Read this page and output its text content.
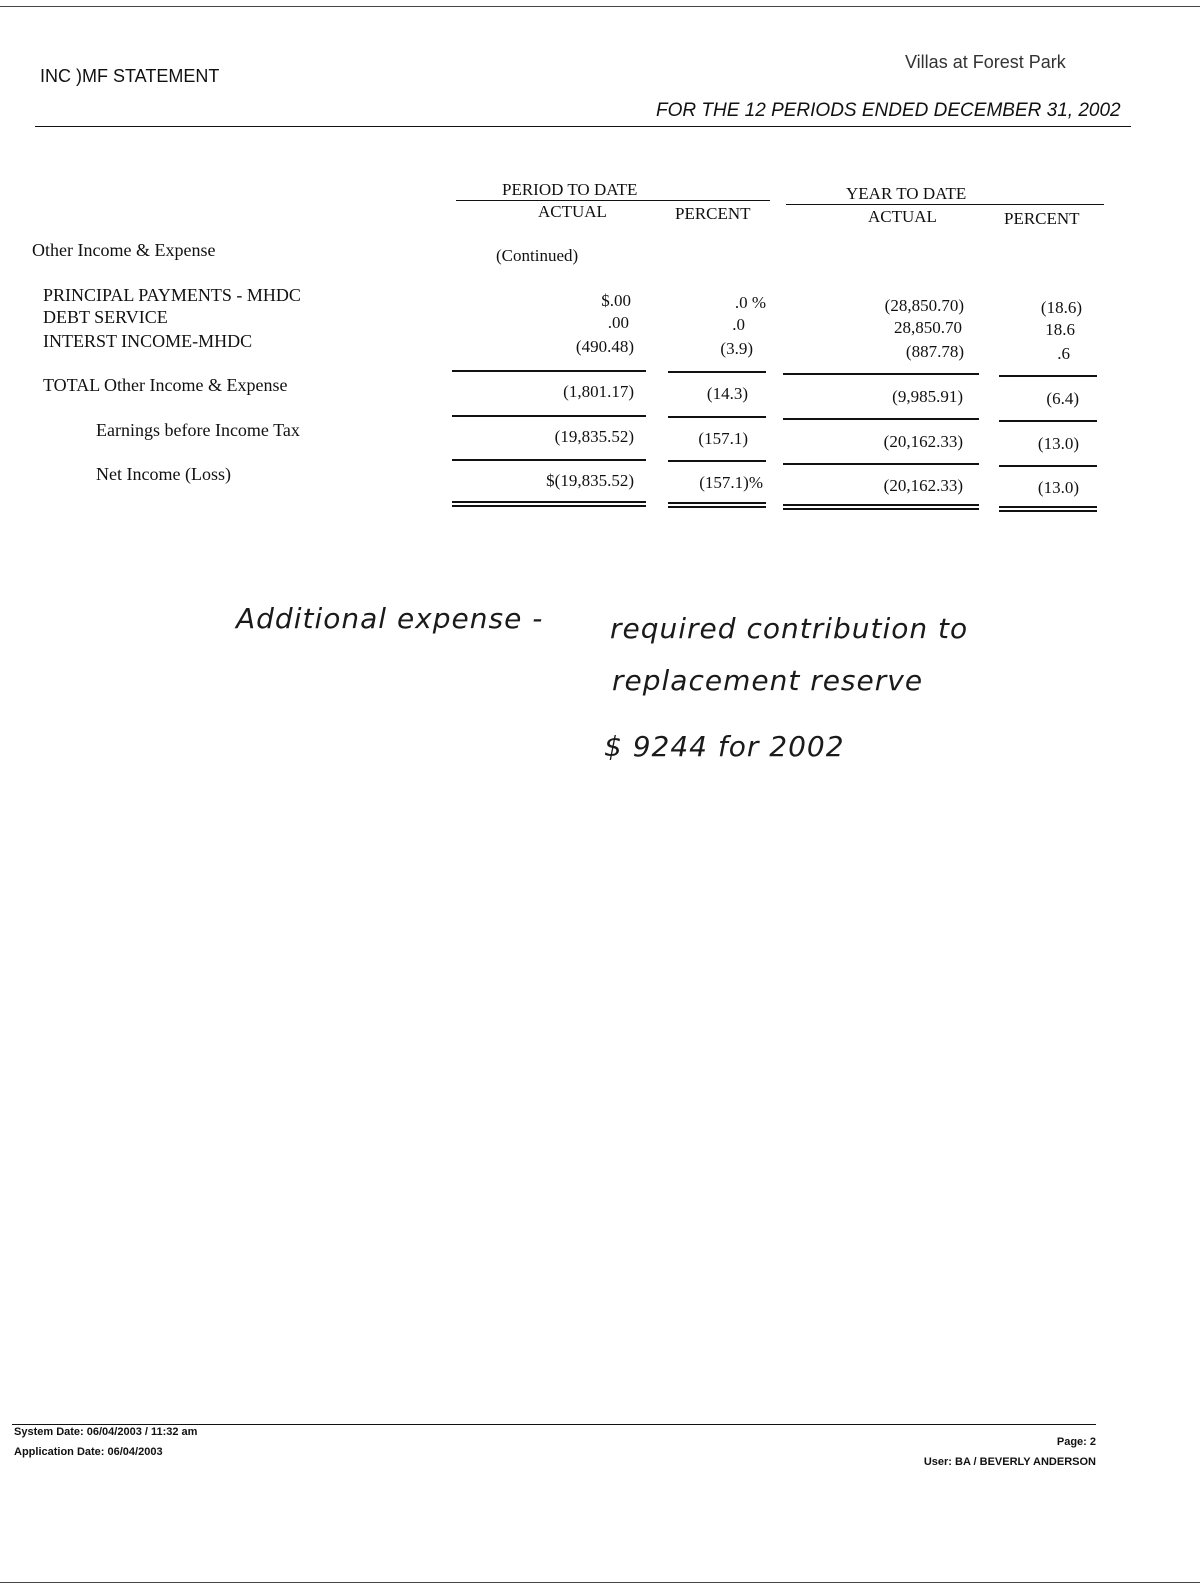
INC )MF STATEMENT
Villas at Forest Park
FOR THE 12 PERIODS ENDED DECEMBER 31, 2002
PERIOD TO DATE	YEAR TO DATE
ACTUAL	PERCENT	ACTUAL	PERCENT
Other Income & Expense	(Continued)
PRINCIPAL PAYMENTS - MHDC	$.00	.0 %	(28,850.70)	(18.6)
DEBT SERVICE	.00	.0	28,850.70	18.6
INTERST INCOME-MHDC	(490.48)	(3.9)	(887.78)	.6
TOTAL Other Income & Expense	(1,801.17)	(14.3)	(9,985.91)	(6.4)
Earnings before Income Tax	(19,835.52)	(157.1)	(20,162.33)	(13.0)
Net Income (Loss)	$(19,835.52)	(157.1)%	(20,162.33)	(13.0)
Additional expense - required contribution to
replacement reserve
$ 9244 for 2002
System Date: 06/04/2003 / 11:32 am
Application Date: 06/04/2003
Page: 2
User: BA / BEVERLY ANDERSON
